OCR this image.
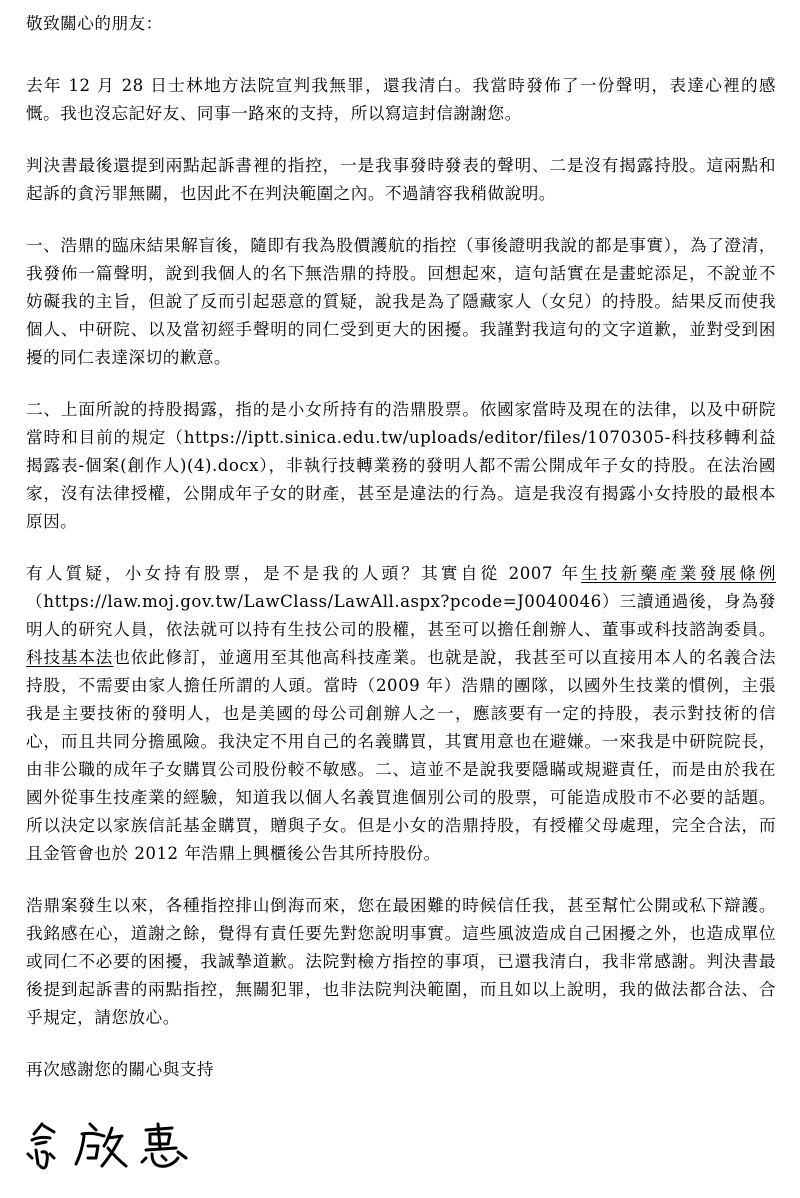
敬致關心的朋友：

去年 12 月 28 日士林地方法院宣判我無罪，還我清白。我當時發佈了一份聲明，表達心裡的感慨。我也沒忘記好友、同事一路來的支持，所以寫這封信謝謝您。

判決書最後還提到兩點起訴書裡的指控，一是我事發時發表的聲明、二是沒有揭露持股。這兩點和起訴的貪污罪無關，也因此不在判決範圍之內。不過請容我稍做說明。

一、浩鼎的臨床結果解盲後，隨即有我為股價護航的指控（事後證明我說的都是事實），為了澄清，我發佈一篇聲明，說到我個人的名下無浩鼎的持股。回想起來，這句話實在是畫蛇添足，不說並不妨礙我的主旨，但說了反而引起惡意的質疑，說我是為了隱藏家人（女兒）的持股。結果反而使我個人、中研院、以及當初經手聲明的同仁受到更大的困擾。我謹對我這句的文字道歉，並對受到困擾的同仁表達深切的歉意。

二、上面所說的持股揭露，指的是小女所持有的浩鼎股票。依國家當時及現在的法律，以及中研院當時和目前的規定（https://iptt.sinica.edu.tw/uploads/editor/files/1070305-科技移轉利益揭露表-個案(創作人)(4).docx），非執行技轉業務的發明人都不需公開成年子女的持股。在法治國家，沒有法律授權，公開成年子女的財產，甚至是違法的行為。這是我沒有揭露小女持股的最根本原因。

有人質疑，小女持有股票，是不是我的人頭？其實自從 2007 年生技新藥產業發展條例（https://law.moj.gov.tw/LawClass/LawAll.aspx?pcode=J0040046）三讀通過後，身為發明人的研究人員，依法就可以持有生技公司的股權，甚至可以擔任創辦人、董事或科技諮詢委員。科技基本法也依此修訂，並適用至其他高科技產業。也就是說，我甚至可以直接用本人的名義合法持股，不需要由家人擔任所謂的人頭。當時（2009 年）浩鼎的團隊，以國外生技業的慣例，主張我是主要技術的發明人，也是美國的母公司創辦人之一，應該要有一定的持股，表示對技術的信心，而且共同分擔風險。我決定不用自己的名義購買，其實用意也在避嫌。一來我是中研院院長，由非公職的成年子女購買公司股份較不敏感。二、這並不是說我要隱瞞或規避責任，而是由於我在國外從事生技產業的經驗，知道我以個人名義買進個別公司的股票，可能造成股市不必要的話題。所以決定以家族信託基金購買，贈與子女。但是小女的浩鼎持股，有授權父母處理，完全合法，而且金管會也於 2012 年浩鼎上興櫃後公告其所持股份。

浩鼎案發生以來，各種指控排山倒海而來，您在最困難的時候信任我，甚至幫忙公開或私下辯護。我銘感在心，道謝之餘，覺得有責任要先對您說明事實。這些風波造成自己困擾之外，也造成單位或同仁不必要的困擾，我誠摯道歉。法院對檢方指控的事項，已還我清白，我非常感謝。判決書最後提到起訴書的兩點指控，無關犯罪，也非法院判決範圍，而且如以上說明，我的做法都合法、合乎規定，請您放心。

再次感謝您的關心與支持
